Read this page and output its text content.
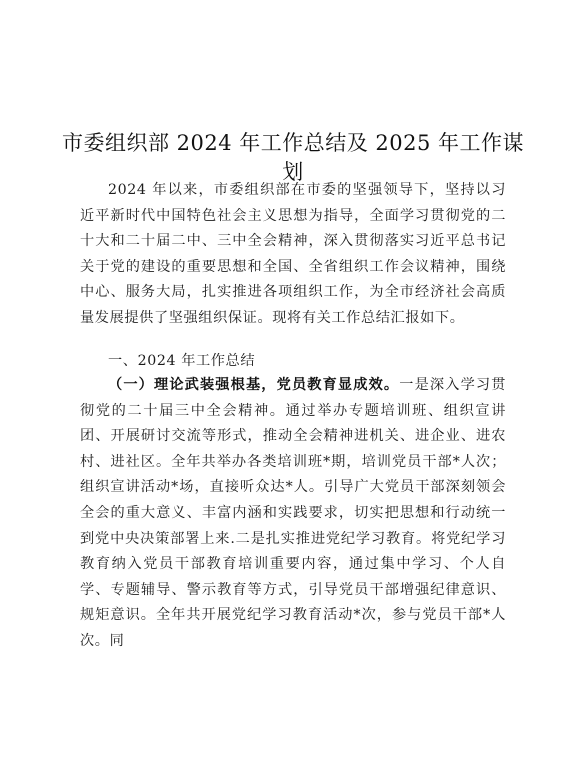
市委组织部 2024 年工作总结及 2025 年工作谋划

2024 年以来，市委组织部在市委的坚强领导下，坚持以习近平新时代中国特色社会主义思想为指导，全面学习贯彻党的二十大和二十届二中、三中全会精神，深入贯彻落实习近平总书记关于党的建设的重要思想和全国、全省组织工作会议精神，围绕中心、服务大局，扎实推进各项组织工作，为全市经济社会高质量发展提供了坚强组织保证。现将有关工作总结汇报如下。

一、2024 年工作总结

（一）理论武装强根基，党员教育显成效。一是深入学习贯彻党的二十届三中全会精神。通过举办专题培训班、组织宣讲团、开展研讨交流等形式，推动全会精神进机关、进企业、进农村、进社区。全年共举办各类培训班*期，培训党员干部*人次；组织宣讲活动*场，直接听众达*人。引导广大党员干部深刻领会全会的重大意义、丰富内涵和实践要求，切实把思想和行动统一到党中央决策部署上来.二是扎实推进党纪学习教育。将党纪学习教育纳入党员干部教育培训重要内容，通过集中学习、个人自学、专题辅导、警示教育等方式，引导党员干部增强纪律意识、规矩意识。全年共开展党纪学习教育活动*次，参与党员干部*人次。同
